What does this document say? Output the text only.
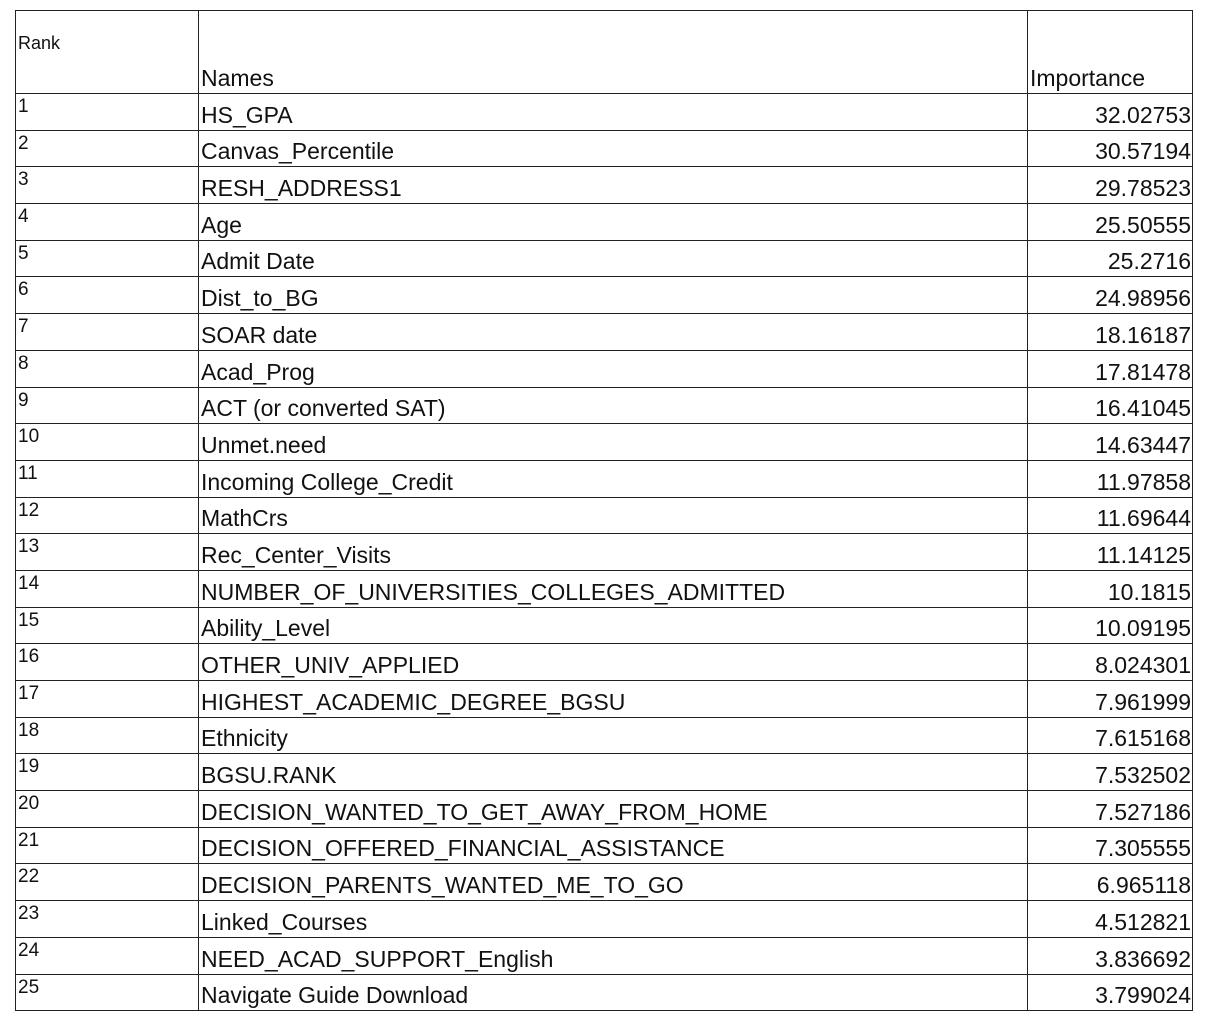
Rank	Names	Importance
1	HS_GPA	32.02753
2	Canvas_Percentile	30.57194
3	RESH_ADDRESS1	29.78523
4	Age	25.50555
5	Admit Date	25.2716
6	Dist_to_BG	24.98956
7	SOAR date	18.16187
8	Acad_Prog	17.81478
9	ACT (or converted SAT)	16.41045
10	Unmet.need	14.63447
11	Incoming College_Credit	11.97858
12	MathCrs	11.69644
13	Rec_Center_Visits	11.14125
14	NUMBER_OF_UNIVERSITIES_COLLEGES_ADMITTED	10.1815
15	Ability_Level	10.09195
16	OTHER_UNIV_APPLIED	8.024301
17	HIGHEST_ACADEMIC_DEGREE_BGSU	7.961999
18	Ethnicity	7.615168
19	BGSU.RANK	7.532502
20	DECISION_WANTED_TO_GET_AWAY_FROM_HOME	7.527186
21	DECISION_OFFERED_FINANCIAL_ASSISTANCE	7.305555
22	DECISION_PARENTS_WANTED_ME_TO_GO	6.965118
23	Linked_Courses	4.512821
24	NEED_ACAD_SUPPORT_English	3.836692
25	Navigate Guide Download	3.799024
